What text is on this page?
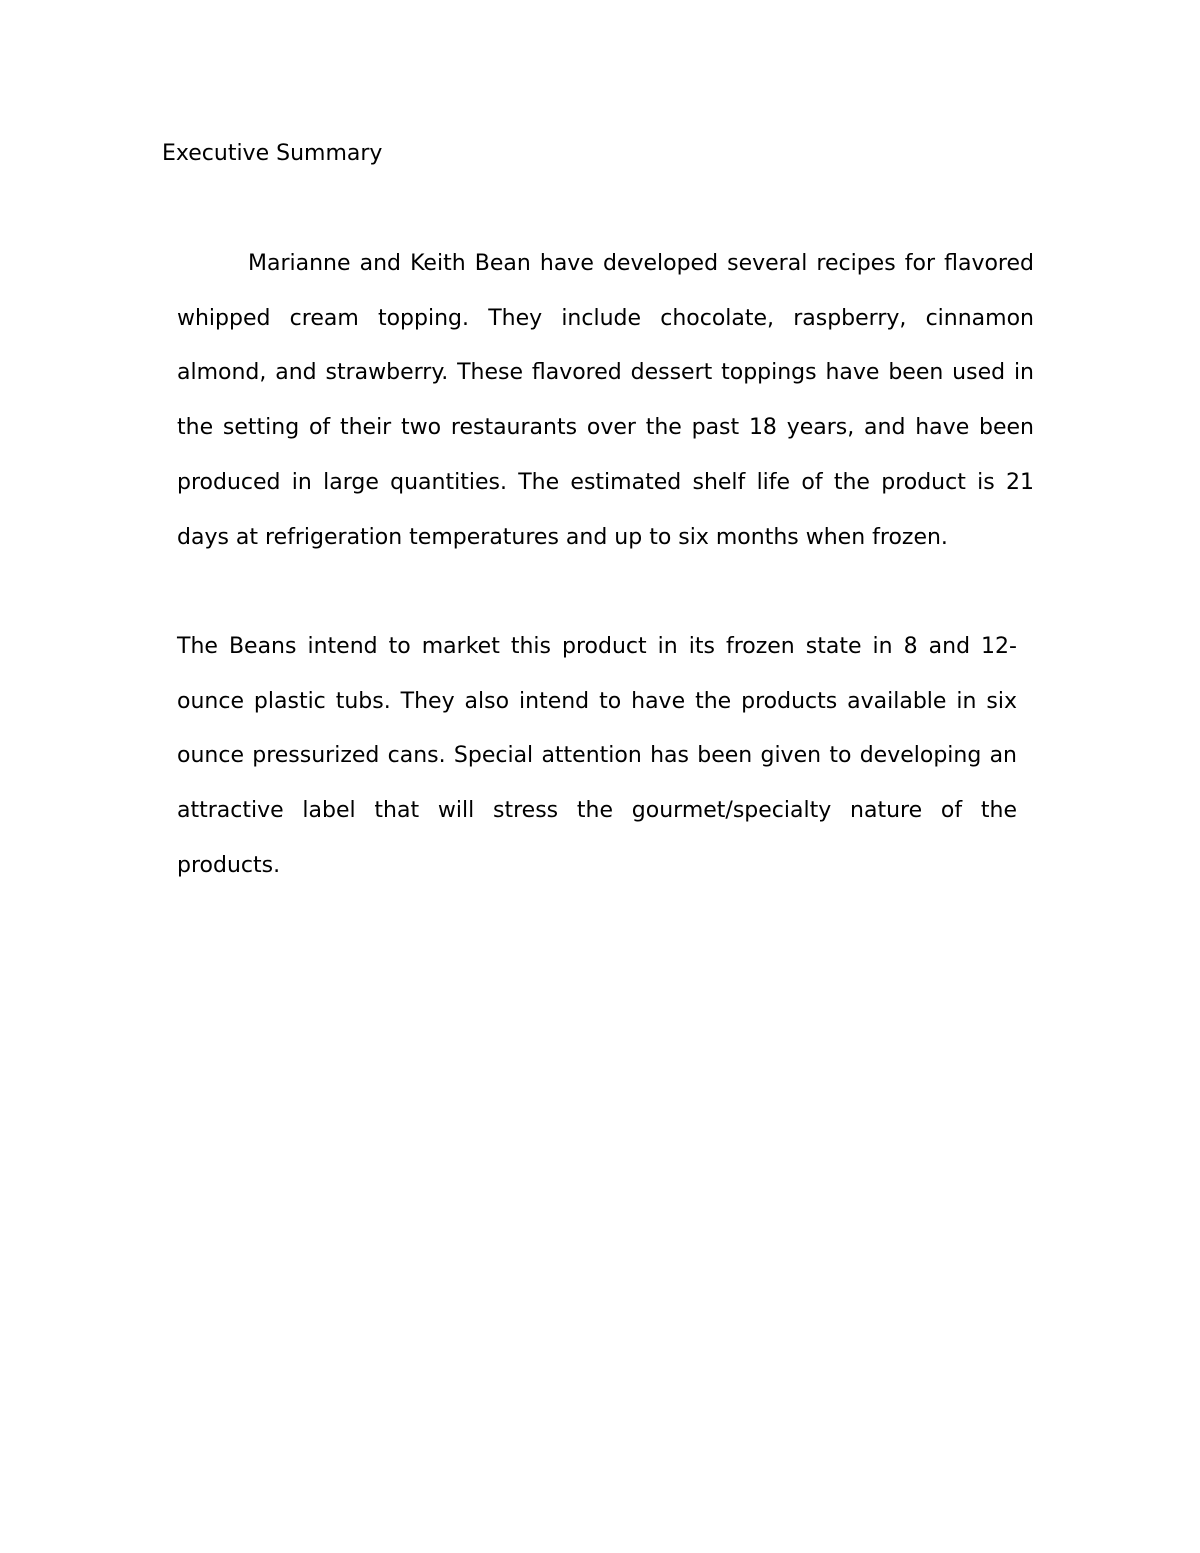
Executive Summary

Marianne and Keith Bean have developed several recipes for flavored whipped cream topping. They include chocolate, raspberry, cinnamon almond, and strawberry. These flavored dessert toppings have been used in the setting of their two restaurants over the past 18 years, and have been produced in large quantities. The estimated shelf life of the product is 21 days at refrigeration temperatures and up to six months when frozen.

The Beans intend to market this product in its frozen state in 8 and 12-ounce plastic tubs. They also intend to have the products available in six ounce pressurized cans. Special attention has been given to developing an attractive label that will stress the gourmet/specialty nature of the products.
